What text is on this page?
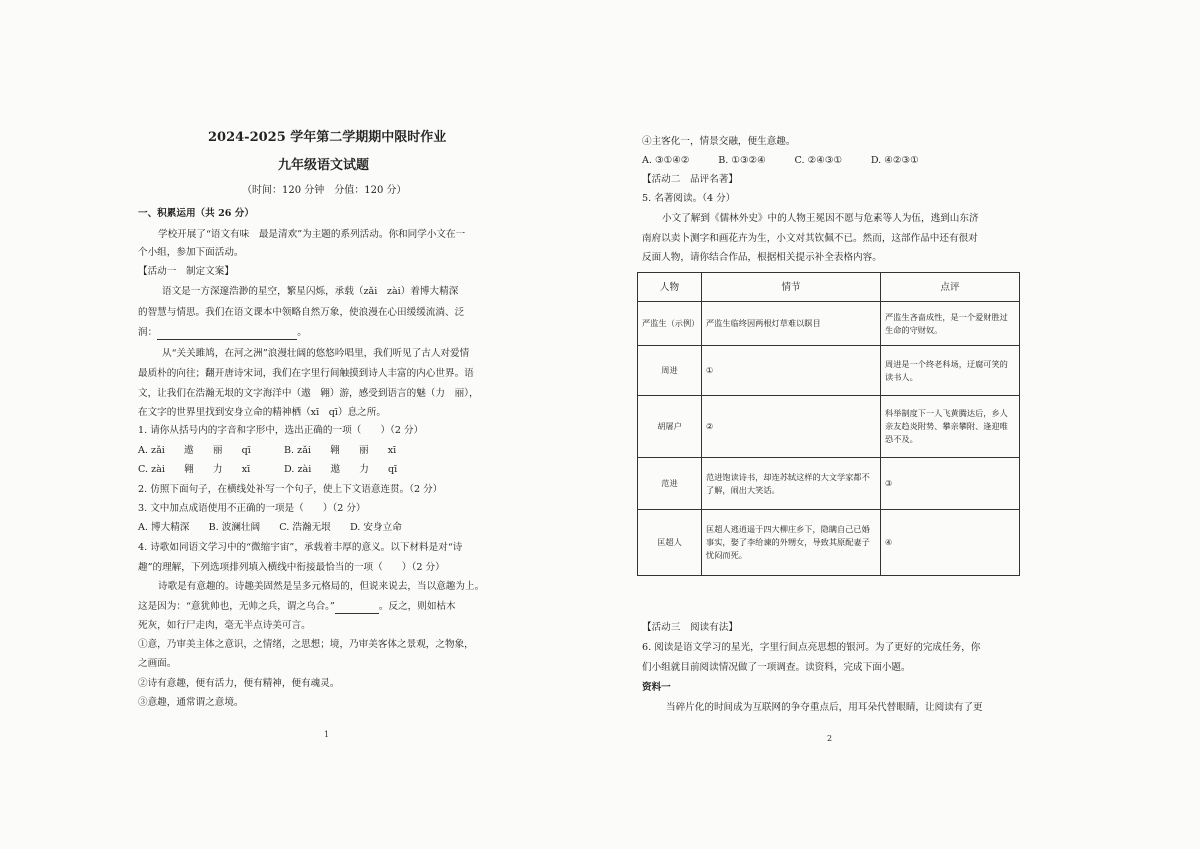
2024-2025 学年第二学期期中限时作业
九年级语文试题
（时间：120 分钟　分值：120 分）
一、积累运用（共 26 分）
学校开展了“语文有味　最是清欢”为主题的系列活动。你和同学小文在一
个小组，参加下面活动。
【活动一　制定文案】
语文是一方深邃浩渺的星空，繁星闪烁，承载（zǎi　zài）着博大精深
的智慧与情思。我们在语文课本中领略自然万象，使浪漫在心田缓缓流淌、泛
润：	。
从“关关雎鸠，在河之洲”浪漫壮阔的悠悠吟唱里，我们听见了古人对爱情
最质朴的向往；翻开唐诗宋词，我们在字里行间触摸到诗人丰富的内心世界。语
文，让我们在浩瀚无垠的文字海洋中（遨　翱）游，感受到语言的魅（力　丽），
在文字的世界里找到安身立命的精神栖（xī　qī）息之所。
1. 请你从括号内的字音和字形中，选出正确的一项（　　）（2 分）
A. zǎi　　遨　　丽　　qī	B. zǎi　　翱　　丽　　xī
C. zài　　翱　　力　　xī	D. zài　　遨　　力　　qī
2. 仿照下面句子，在横线处补写一个句子，使上下文语意连贯。（2 分）
3. 文中加点成语使用不正确的一项是（　　）（2 分）
A. 博大精深　　B. 波澜壮阔　　C. 浩瀚无垠　　D. 安身立命
4. 诗歌如同语文学习中的“微缩宇宙”，承载着丰厚的意义。以下材料是对“诗
趣”的理解，下列选项排列填入横线中衔接最恰当的一项（　　）（2 分）
诗歌是有意趣的。诗趣美固然是呈多元格局的，但说来说去，当以意趣为上。
这是因为：“意犹帅也，无帅之兵，谓之乌合。”	。反之，则如枯木
死灰，如行尸走肉，毫无半点诗美可言。
①意，乃审美主体之意识，之情绪，之思想；境，乃审美客体之景观，之物象，
之画面。
②诗有意趣，便有活力，便有精神，便有魂灵。
③意趣，通常谓之意境。
1
④主客化一，情景交融，便生意趣。
A. ③①④②　　　B. ①③②④　　　C. ②④③①　　　D. ④②③①
【活动二　品评名著】
5. 名著阅读。（4 分）
小文了解到《儒林外史》中的人物王冕因不愿与危素等人为伍，逃到山东济
南府以卖卜测字和画花卉为生，小文对其钦佩不已。然而，这部作品中还有很对
反面人物，请你结合作品，根据相关提示补全表格内容。
人物	情节	点评
严监生（示例）	严监生临终因两根灯草难以瞑目	严监生吝啬成性，是一个爱财胜过生命的守财奴。
周进	①	周进是一个终老科场，迂腐可笑的读书人。
胡屠户	②	科举制度下一人飞黄腾达后，乡人亲友趋炎附势、攀亲攀附、逢迎唯恐不及。
范进	范进饱读诗书，却连苏轼这样的大文学家都不了解，闹出大笑话。	③
匡超人	匡超人逃逍遥于四大柳庄乡下，隐瞒自己已婚事实，娶了李给谏的外甥女，导致其原配妻子忧闷而死。	④
【活动三　阅读有法】
6. 阅读是语文学习的星光，字里行间点亮思想的银河。为了更好的完成任务，你
们小组就目前阅读情况做了一项调查。读资料，完成下面小题。
资料一
当碎片化的时间成为互联网的争夺重点后，用耳朵代替眼睛，让阅读有了更
2
